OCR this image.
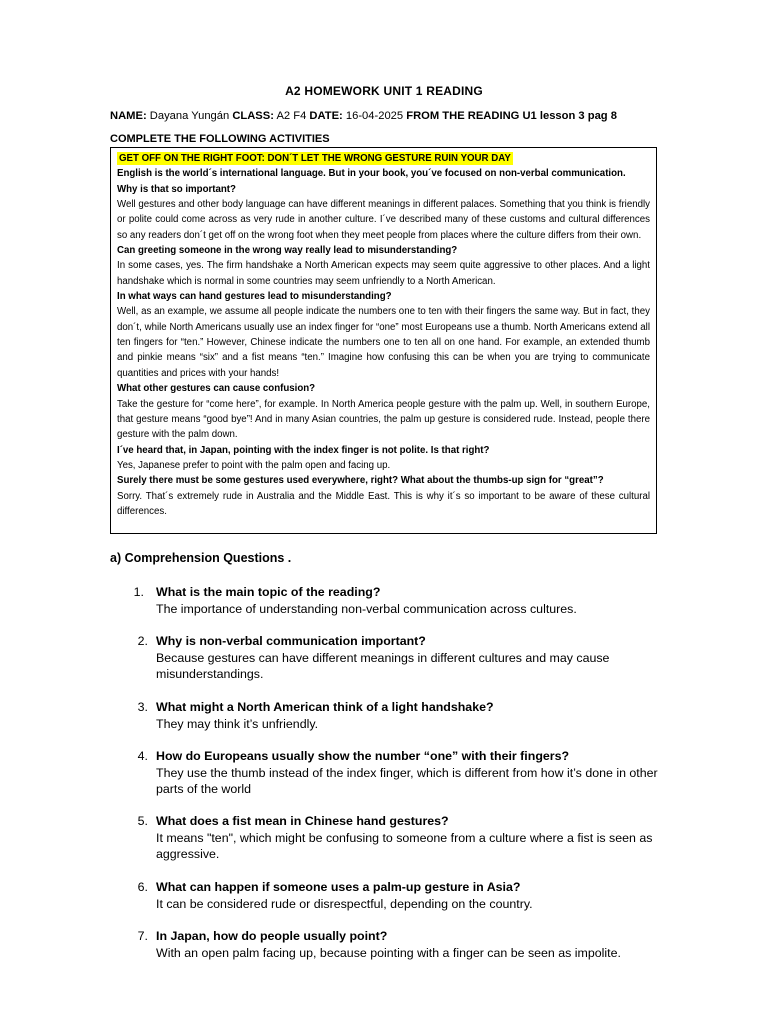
A2 HOMEWORK UNIT 1 READING
NAME: Dayana Yungán CLASS: A2 F4 DATE: 16-04-2025 FROM THE READING U1 lesson 3 pag 8
COMPLETE THE FOLLOWING ACTIVITIES

GET OFF ON THE RIGHT FOOT: DON´T LET THE WRONG GESTURE RUIN YOUR DAY

English is the world´s international language. But in your book, you´ve focused on non-verbal communication.

Why is that so important?

Well gestures and other body language can have different meanings in different palaces. Something that you think is friendly or polite could come across as very rude in another culture. I´ve described many of these customs and cultural differences so any readers don´t get off on the wrong foot when they meet people from places where the culture differs from their own.

Can greeting someone in the wrong way really lead to misunderstanding?

In some cases, yes. The firm handshake a North American expects may seem quite aggressive to other places. And a light handshake which is normal in some countries may seem unfriendly to a North American.

In what ways can hand gestures lead to misunderstanding?

Well, as an example, we assume all people indicate the numbers one to ten with their fingers the same way. But in fact, they don´t, while North Americans usually use an index finger for “one” most Europeans use a thumb. North Americans extend all ten fingers for “ten.” However, Chinese indicate the numbers one to ten all on one hand. For example, an extended thumb and pinkie means “six” and a fist means “ten.” Imagine how confusing this can be when you are trying to communicate quantities and prices with your hands!

What other gestures can cause confusion?

Take the gesture for “come here”, for example. In North America people gesture with the palm up. Well, in southern Europe, that gesture means “good bye”! And in many Asian countries, the palm up gesture is considered rude. Instead, people there gesture with the palm down.

I´ve heard that, in Japan, pointing with the index finger is not polite. Is that right?

Yes, Japanese prefer to point with the palm open and facing up.

Surely there must be some gestures used everywhere, right? What about the thumbs-up sign for “great”?

Sorry. That´s extremely rude in Australia and the Middle East. This is why it´s so important to be aware of these cultural differences.

a) Comprehension Questions .
1. What is the main topic of the reading?
The importance of understanding non-verbal communication across cultures.
2. Why is non-verbal communication important?
Because gestures can have different meanings in different cultures and may cause misunderstandings.
3. What might a North American think of a light handshake?
They may think it’s unfriendly.
4. How do Europeans usually show the number “one” with their fingers?
They use the thumb instead of the index finger, which is different from how it’s done in other parts of the world
5. What does a fist mean in Chinese hand gestures?
It means "ten", which might be confusing to someone from a culture where a fist is seen as aggressive.
6. What can happen if someone uses a palm-up gesture in Asia?
It can be considered rude or disrespectful, depending on the country.
7. In Japan, how do people usually point?
With an open palm facing up, because pointing with a finger can be seen as impolite.
